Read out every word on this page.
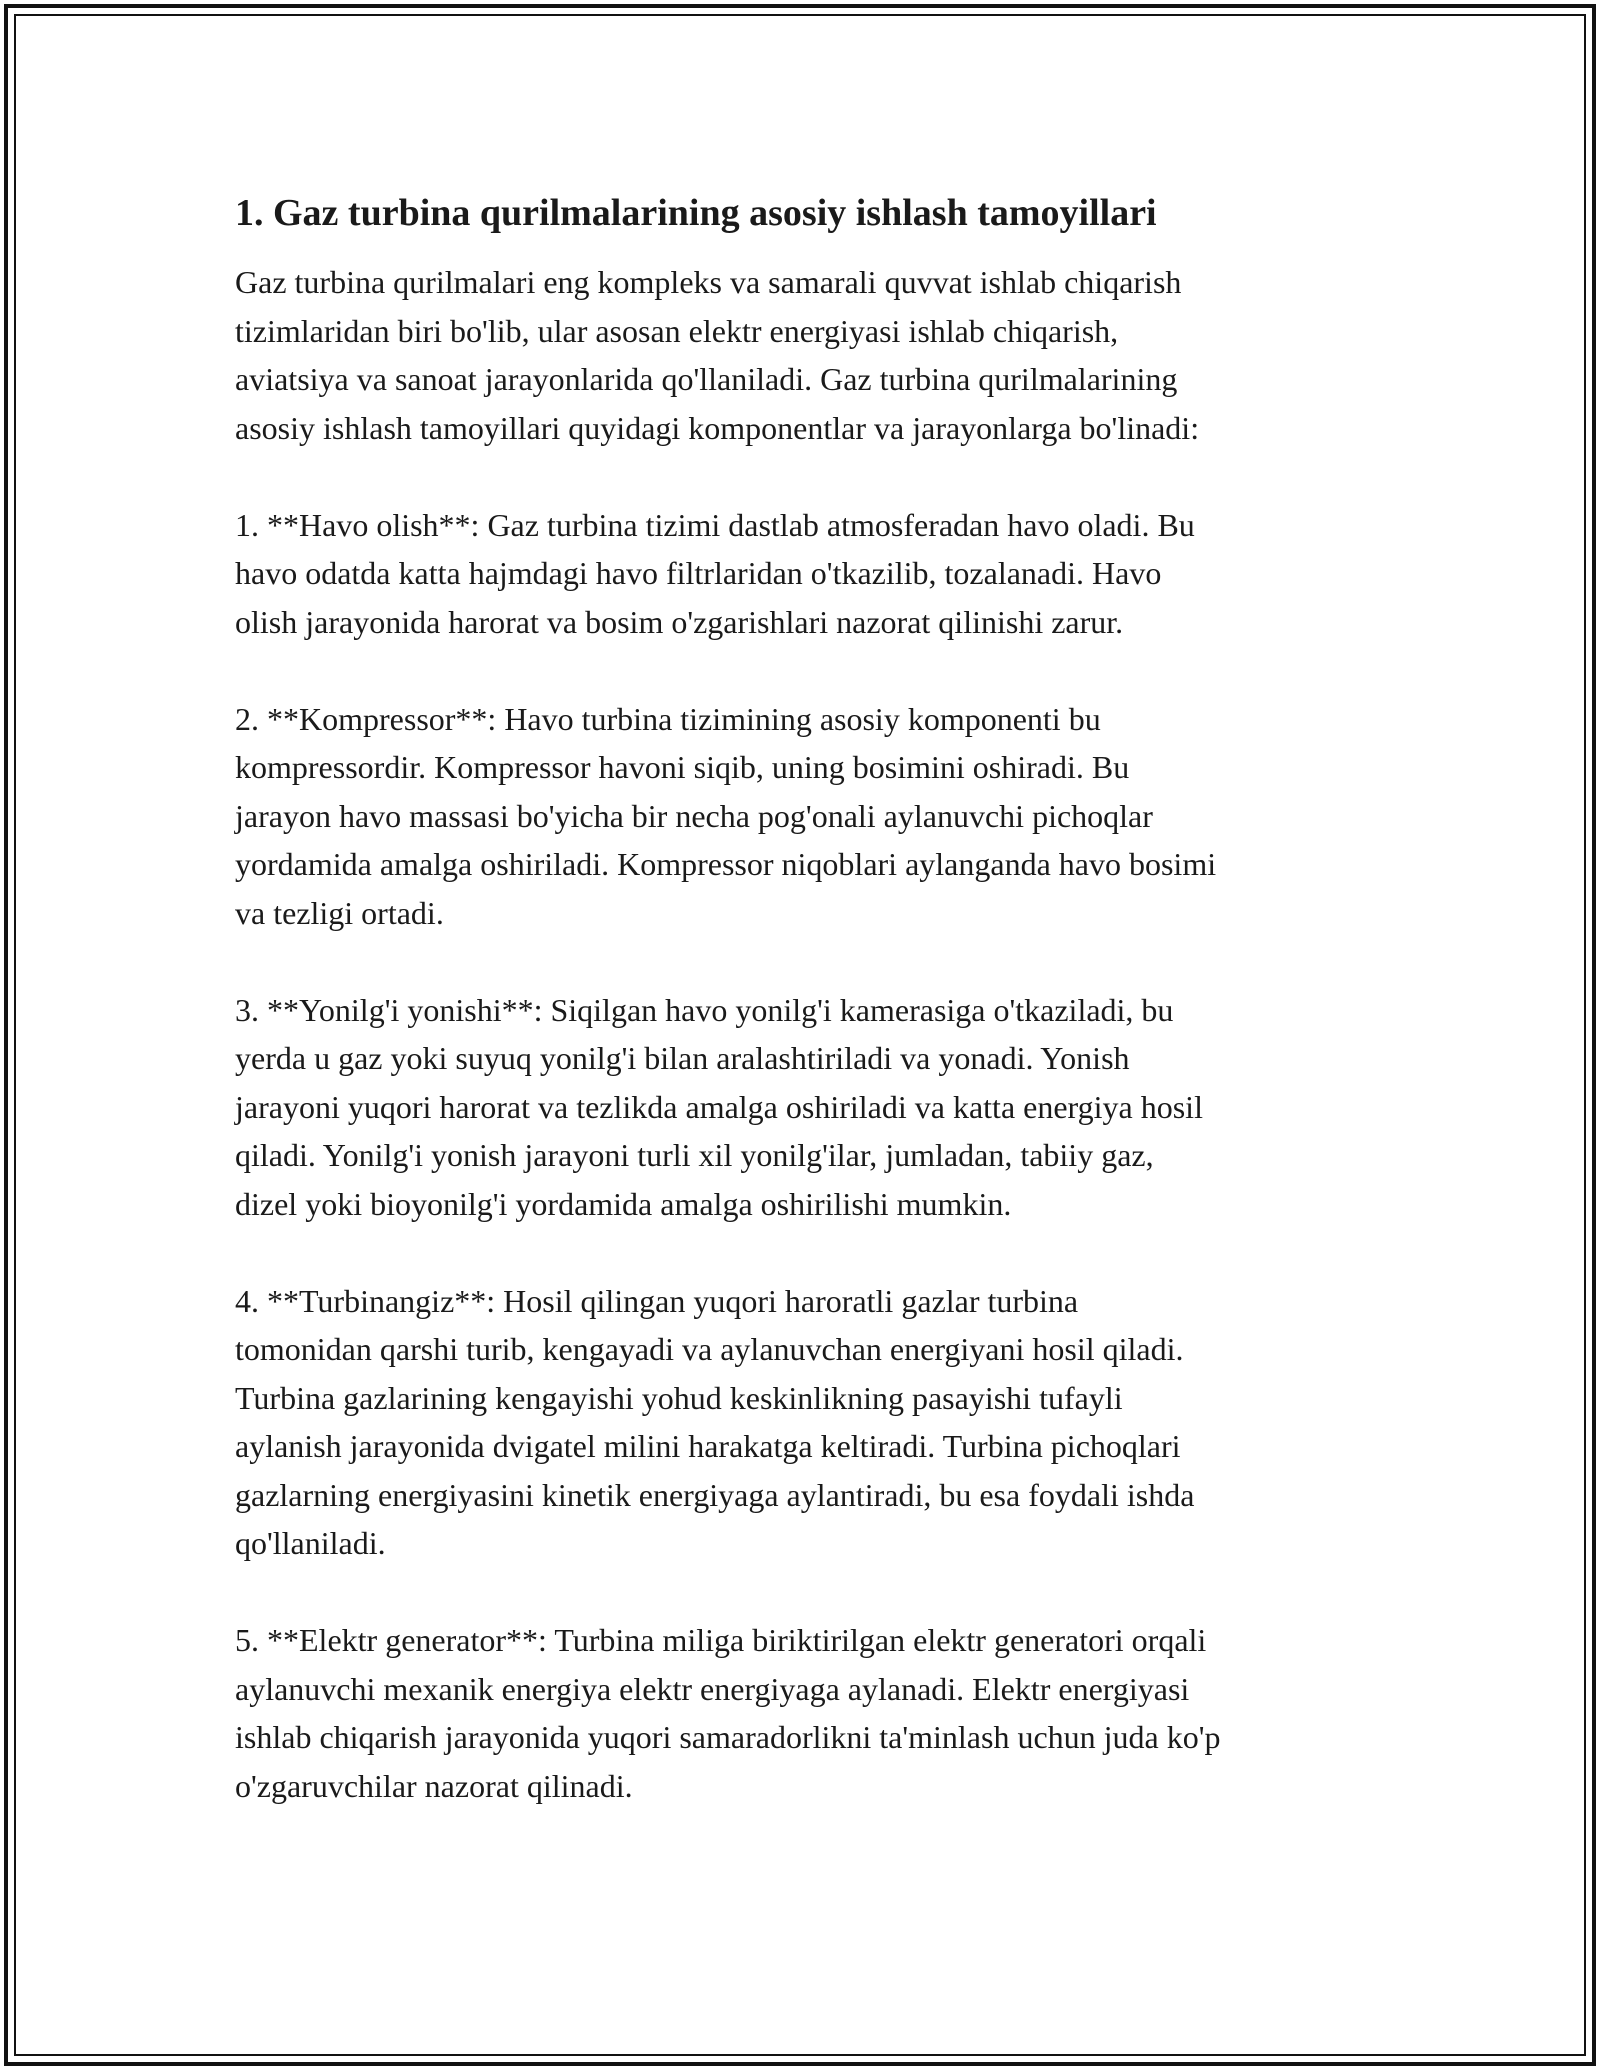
1. Gaz turbina qurilmalarining asosiy ishlash tamoyillari
Gaz turbina qurilmalari eng kompleks va samarali quvvat ishlab chiqarish
tizimlaridan biri bo'lib, ular asosan elektr energiyasi ishlab chiqarish,
aviatsiya va sanoat jarayonlarida qo'llaniladi. Gaz turbina qurilmalarining
asosiy ishlash tamoyillari quyidagi komponentlar va jarayonlarga bo'linadi:
1. **Havo olish**: Gaz turbina tizimi dastlab atmosferadan havo oladi. Bu
havo odatda katta hajmdagi havo filtrlaridan o'tkazilib, tozalanadi. Havo
olish jarayonida harorat va bosim o'zgarishlari nazorat qilinishi zarur.
2. **Kompressor**: Havo turbina tizimining asosiy komponenti bu
kompressordir. Kompressor havoni siqib, uning bosimini oshiradi. Bu
jarayon havo massasi bo'yicha bir necha pog'onali aylanuvchi pichoqlar
yordamida amalga oshiriladi. Kompressor niqoblari aylanganda havo bosimi
va tezligi ortadi.
3. **Yonilg'i yonishi**: Siqilgan havo yonilg'i kamerasiga o'tkaziladi, bu
yerda u gaz yoki suyuq yonilg'i bilan aralashtiriladi va yonadi. Yonish
jarayoni yuqori harorat va tezlikda amalga oshiriladi va katta energiya hosil
qiladi. Yonilg'i yonish jarayoni turli xil yonilg'ilar, jumladan, tabiiy gaz,
dizel yoki bioyonilg'i yordamida amalga oshirilishi mumkin.
4. **Turbinangiz**: Hosil qilingan yuqori haroratli gazlar turbina
tomonidan qarshi turib, kengayadi va aylanuvchan energiyani hosil qiladi.
Turbina gazlarining kengayishi yohud keskinlikning pasayishi tufayli
aylanish jarayonida dvigatel milini harakatga keltiradi. Turbina pichoqlari
gazlarning energiyasini kinetik energiyaga aylantiradi, bu esa foydali ishda
qo'llaniladi.
5. **Elektr generator**: Turbina miliga biriktirilgan elektr generatori orqali
aylanuvchi mexanik energiya elektr energiyaga aylanadi. Elektr energiyasi
ishlab chiqarish jarayonida yuqori samaradorlikni ta'minlash uchun juda ko'p
o'zgaruvchilar nazorat qilinadi.
